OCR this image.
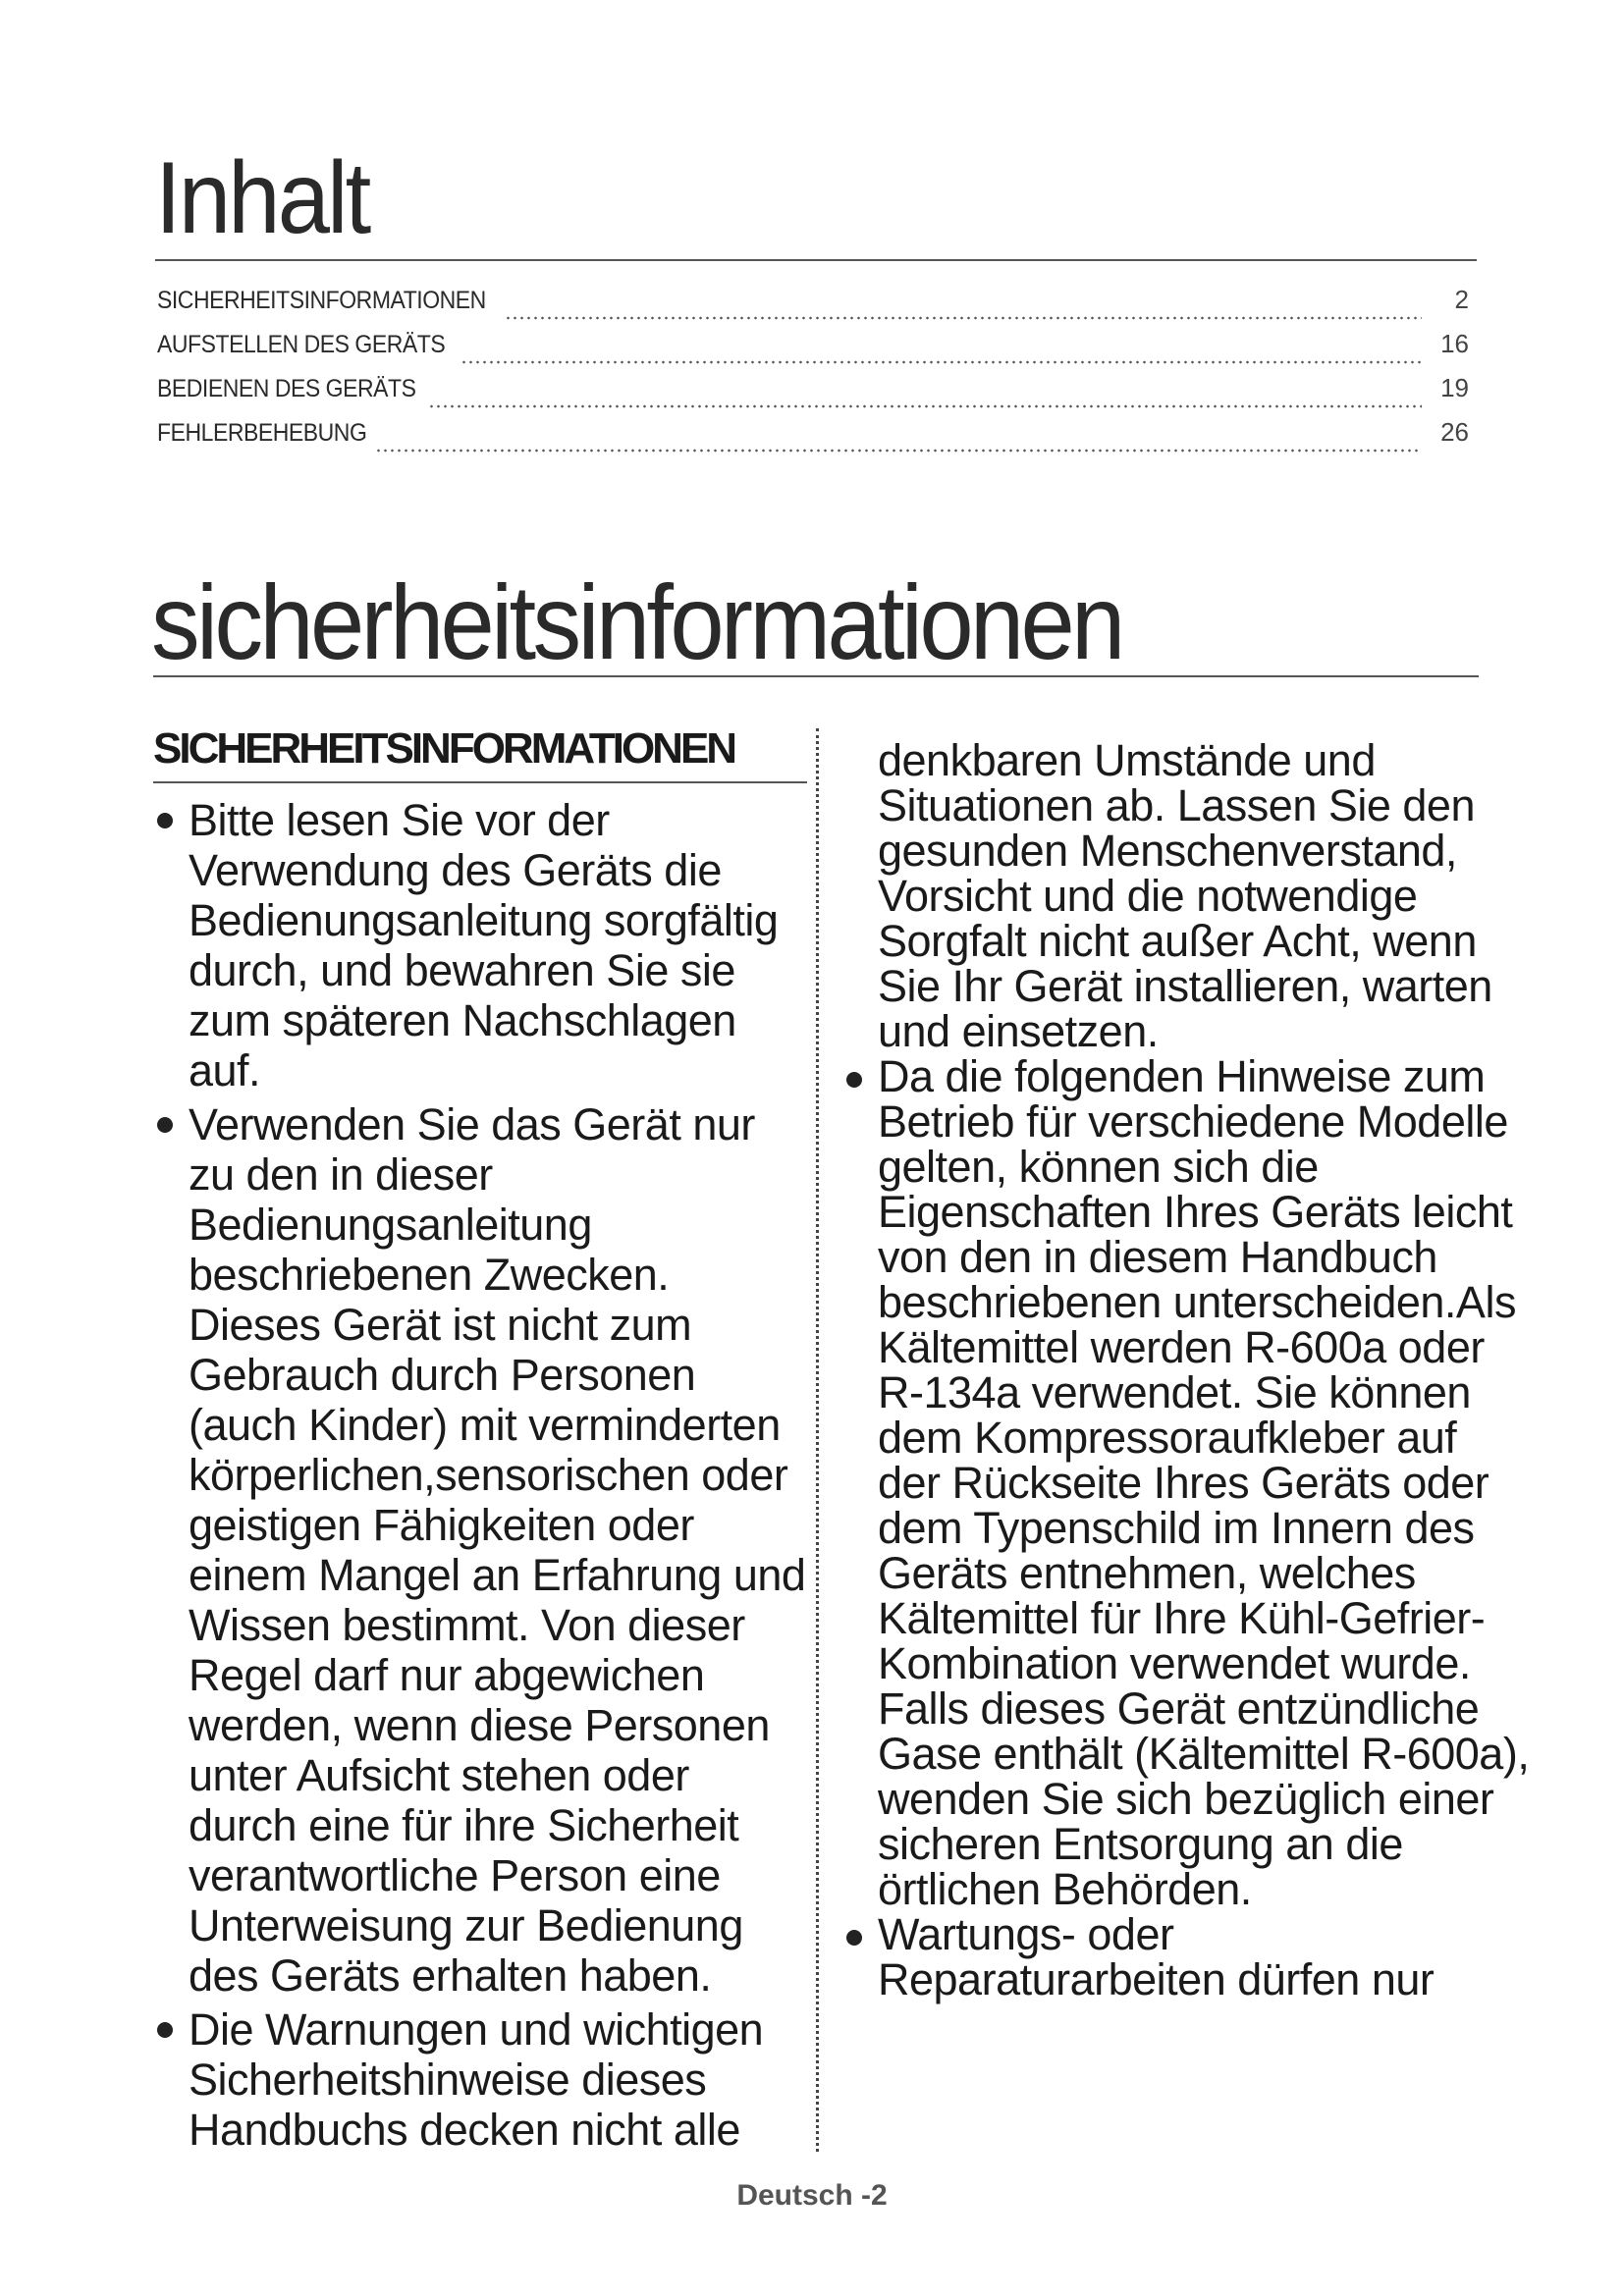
Inhalt
SICHERHEITSINFORMATIONEN	2
AUFSTELLEN DES GERÄTS	16
BEDIENEN DES GERÄTS	19
FEHLERBEHEBUNG	26
sicherheitsinformationen
SICHERHEITSINFORMATIONEN
Bitte lesen Sie vor der Verwendung des Geräts die Bedienungsanleitung sorgfältig durch, und bewahren Sie sie zum späteren Nachschlagen auf.
Verwenden Sie das Gerät nur zu den in dieser Bedienungsanleitung beschriebenen Zwecken. Dieses Gerät ist nicht zum Gebrauch durch Personen (auch Kinder) mit verminderten körperlichen,sensorischen oder geistigen Fähigkeiten oder einem Mangel an Erfahrung und Wissen bestimmt. Von dieser Regel darf nur abgewichen werden, wenn diese Personen unter Aufsicht stehen oder durch eine für ihre Sicherheit verantwortliche Person eine Unterweisung zur Bedienung des Geräts erhalten haben.
Die Warnungen und wichtigen Sicherheitshinweise dieses Handbuchs decken nicht alle
denkbaren Umstände und Situationen ab. Lassen Sie den gesunden Menschenverstand, Vorsicht und die notwendige Sorgfalt nicht außer Acht, wenn Sie Ihr Gerät installieren, warten und einsetzen.
Da die folgenden Hinweise zum Betrieb für verschiedene Modelle gelten, können sich die Eigenschaften Ihres Geräts leicht von den in diesem Handbuch beschriebenen unterscheiden.Als Kältemittel werden R-600a oder R-134a verwendet. Sie können dem Kompressoraufkleber auf der Rückseite Ihres Geräts oder dem Typenschild im Innern des Geräts entnehmen, welches Kältemittel für Ihre Kühl-Gefrier-Kombination verwendet wurde. Falls dieses Gerät entzündliche Gase enthält (Kältemittel R-600a), wenden Sie sich bezüglich einer sicheren Entsorgung an die örtlichen Behörden.
Wartungs- oder Reparaturarbeiten dürfen nur
Deutsch -2
